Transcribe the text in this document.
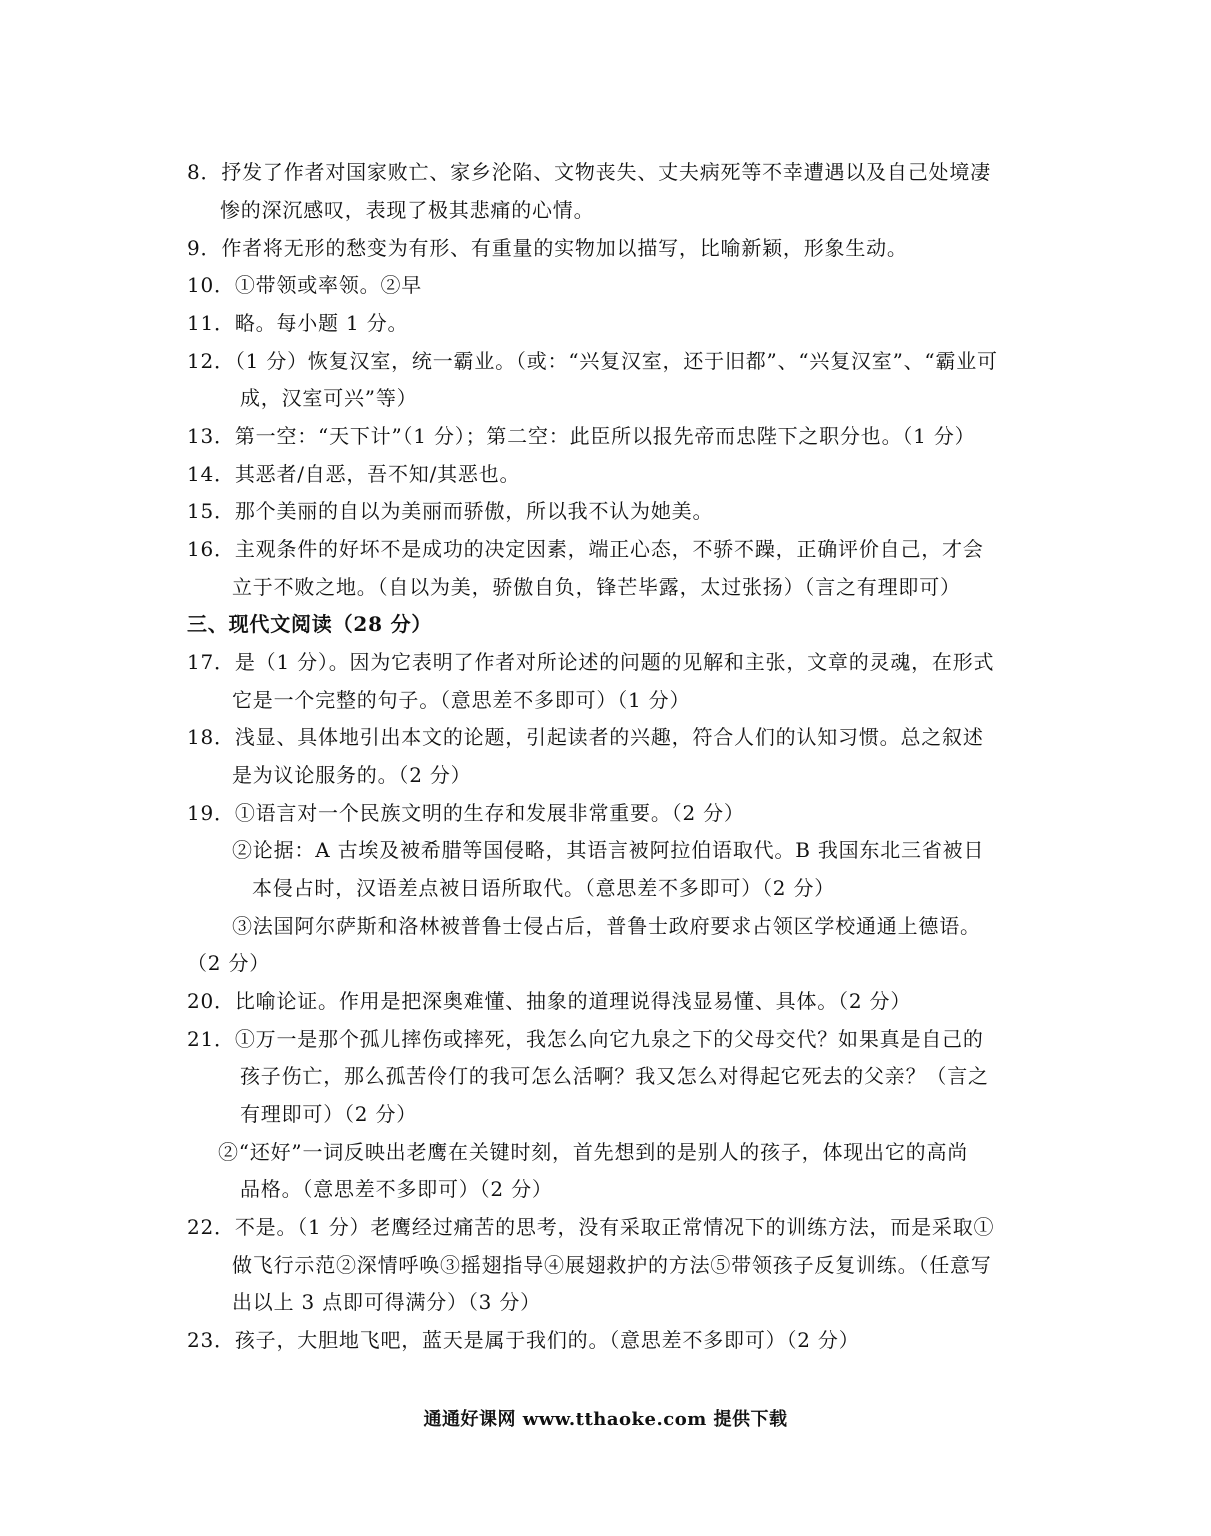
8．抒发了作者对国家败亡、家乡沦陷、文物丧失、丈夫病死等不幸遭遇以及自己处境凄
惨的深沉感叹，表现了极其悲痛的心情。
9．作者将无形的愁变为有形、有重量的实物加以描写，比喻新颖，形象生动。
10．①带领或率领。②早
11．略。每小题 1 分。
12．（1 分）恢复汉室，统一霸业。（或：“兴复汉室，还于旧都”、“兴复汉室”、“霸业可
成，汉室可兴”等）
13．第一空：“天下计”（1 分）；第二空：此臣所以报先帝而忠陛下之职分也。（1 分）
14．其恶者/自恶，吾不知/其恶也。
15．那个美丽的自以为美丽而骄傲，所以我不认为她美。
16．主观条件的好坏不是成功的决定因素，端正心态，不骄不躁，正确评价自己，才会
立于不败之地。（自以为美，骄傲自负，锋芒毕露，太过张扬）（言之有理即可）
三、现代文阅读（28 分）
17．是（1 分）。因为它表明了作者对所论述的问题的见解和主张，文章的灵魂，在形式
它是一个完整的句子。（意思差不多即可）（1 分）
18．浅显、具体地引出本文的论题，引起读者的兴趣，符合人们的认知习惯。总之叙述
是为议论服务的。（2 分）
19．①语言对一个民族文明的生存和发展非常重要。（2 分）
②论据：A 古埃及被希腊等国侵略，其语言被阿拉伯语取代。B 我国东北三省被日
本侵占时，汉语差点被日语所取代。（意思差不多即可）（2 分）
③法国阿尔萨斯和洛林被普鲁士侵占后，普鲁士政府要求占领区学校通通上德语。
（2 分）
20．比喻论证。作用是把深奥难懂、抽象的道理说得浅显易懂、具体。（2 分）
21．①万一是那个孤儿摔伤或摔死，我怎么向它九泉之下的父母交代？如果真是自己的
孩子伤亡，那么孤苦伶仃的我可怎么活啊？我又怎么对得起它死去的父亲？（言之
有理即可）（2 分）
②“还好”一词反映出老鹰在关键时刻，首先想到的是别人的孩子，体现出它的高尚
品格。（意思差不多即可）（2 分）
22．不是。（1 分）老鹰经过痛苦的思考，没有采取正常情况下的训练方法，而是采取①
做飞行示范②深情呼唤③摇翅指导④展翅救护的方法⑤带领孩子反复训练。（任意写
出以上 3 点即可得满分）（3 分）
23．孩子，大胆地飞吧，蓝天是属于我们的。（意思差不多即可）（2 分）
通通好课网 www.tthaoke.com 提供下载
